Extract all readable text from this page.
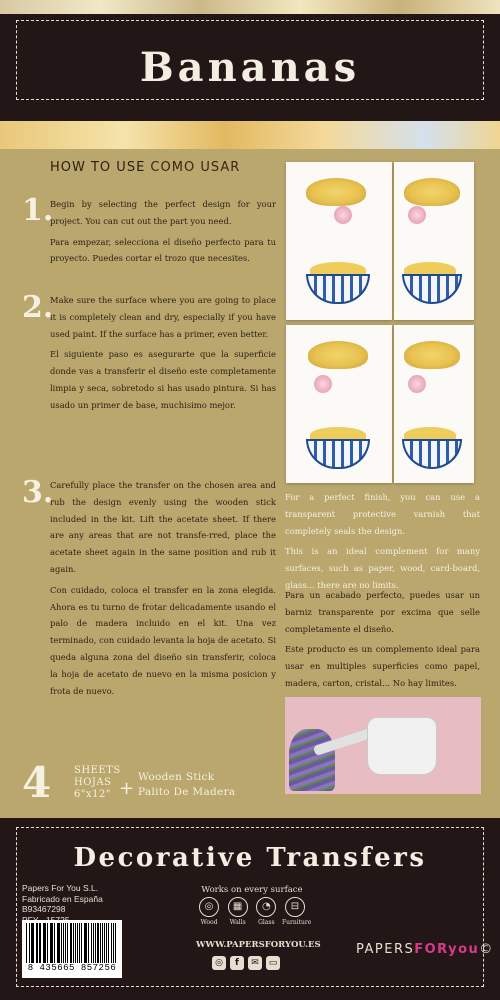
Bananas
HOW TO USE COMO USAR
1.

Begin by selecting the perfect design for your project. You can cut out the part you need.

Para empezar, selecciona el diseño perfecto para tu proyecto. Puedes cortar el trozo que necesites.

2.

Make sure the surface where you are going to place it is completely clean and dry, especially if you have used paint. If the surface has a primer, even better.

El siguiente paso es asegurarte que la superficie donde vas a transferir el diseño este completamente limpia y seca, sobretodo si has usado pintura. Si has usado un primer de base, muchisimo mejor.

3.

Carefully place the transfer on the chosen area and rub the design evenly using the wooden stick included in the kit. Lift the acetate sheet. If there are any areas that are not transfe-rred, place the acetate sheet again in the same position and rub it again.

Con cuidado, coloca el transfer en la zona elegida. Ahora es tu turno de frotar delicadamente usando el palo de madera incluido en el kit. Una vez terminado, con cuidado levanta la hoja de acetato. Si queda alguna zona del diseño sin transferir, coloca la hoja de acetato de nuevo en la misma posicion y frota de nuevo.

For a perfect finish, you can use a transparent protective varnish that completely seals the design.

This is an ideal complement for many surfaces, such as paper, wood, card-board, glass... there are no limits.

Para un acabado perfecto, puedes usar un barniz transparente por excima que selle completamente el diseño.

Este producto es un complemento ideal para usar en multiples superficies como papel, madera, carton, cristal... No hay limites.

4 SHEETS
HOJAS
6"x12" +
Wooden Stick
Palito De Madera
Decorative Transfers
Papers For You S.L.
Fabricado en España
B93467298
8 435665 857256
Works on every surface
◎
Wood
▦
Walls
◔
Glass
⊟
Furniture
WWW.PAPERSFORYOU.ES
◎	f	✉	▭
PAPERSFORyou©
